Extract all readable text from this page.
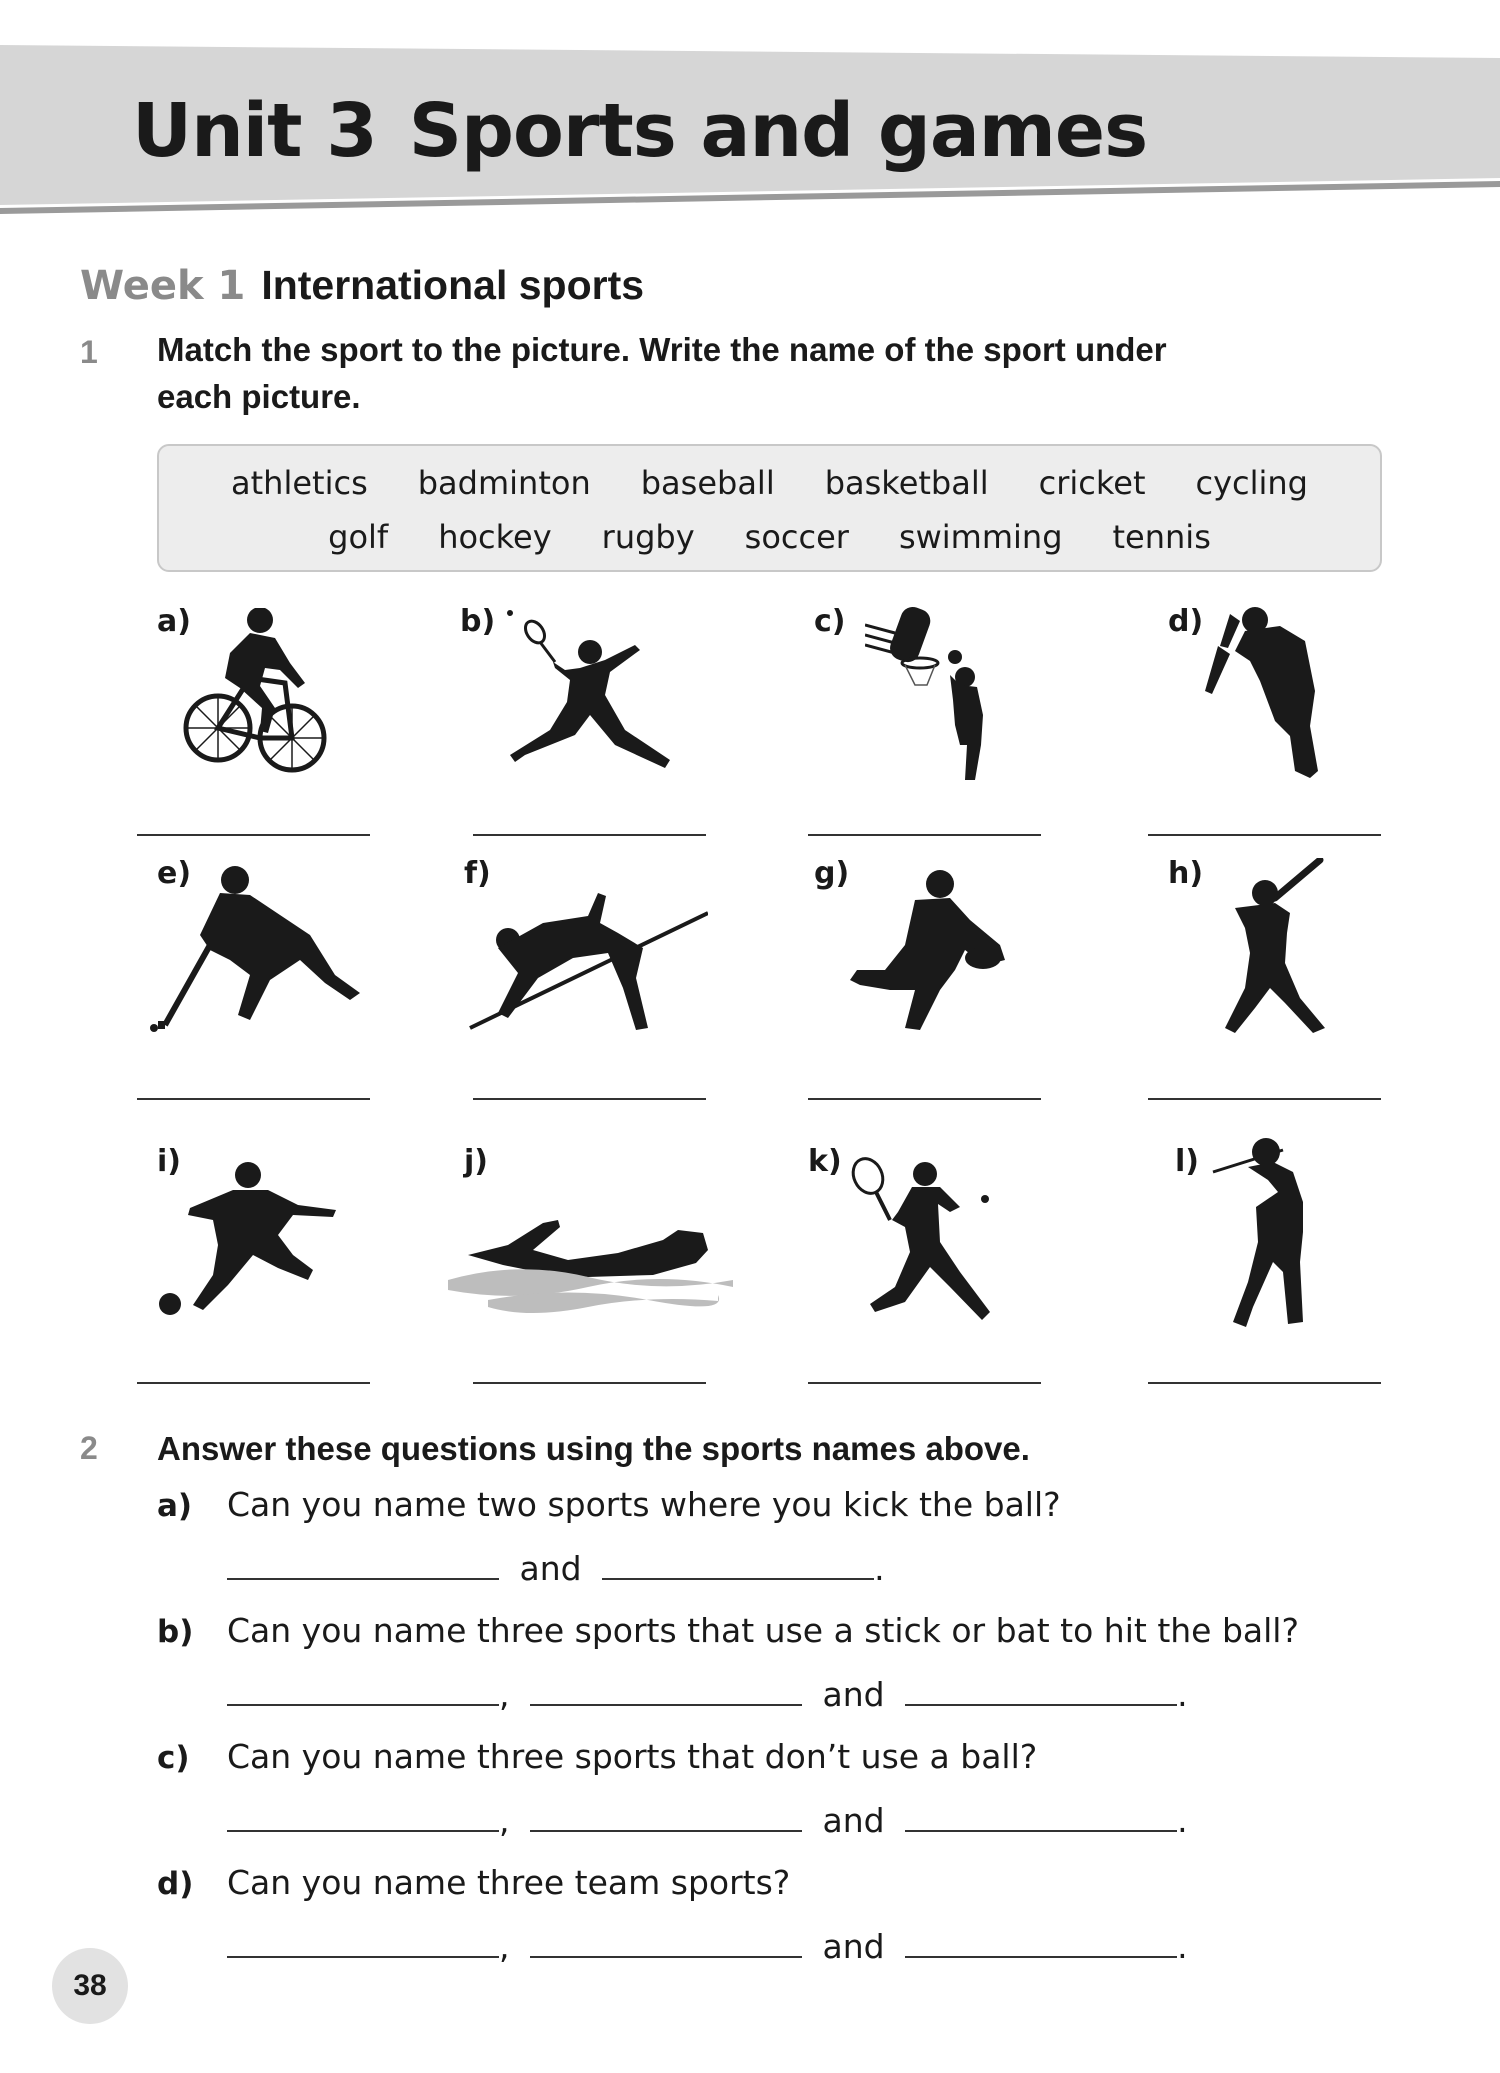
Unit 3 Sports and games
Week 1 International sports
1 Match the sport to the picture. Write the name of the sport under
each picture.
athletics badminton baseball basketball cricket cycling
golf hockey rugby soccer swimming tennis
a)	b)	c)	d)
e)	f)	g)	h)
i)	j)	k)	l)
2 Answer these questions using the sports names above.
a) Can you name two sports where you kick the ball?
and	.
b) Can you name three sports that use a stick or bat to hit the ball?
,	and	.
c) Can you name three sports that don’t use a ball?
,	and	.
d) Can you name three team sports?
,	and	.
38
